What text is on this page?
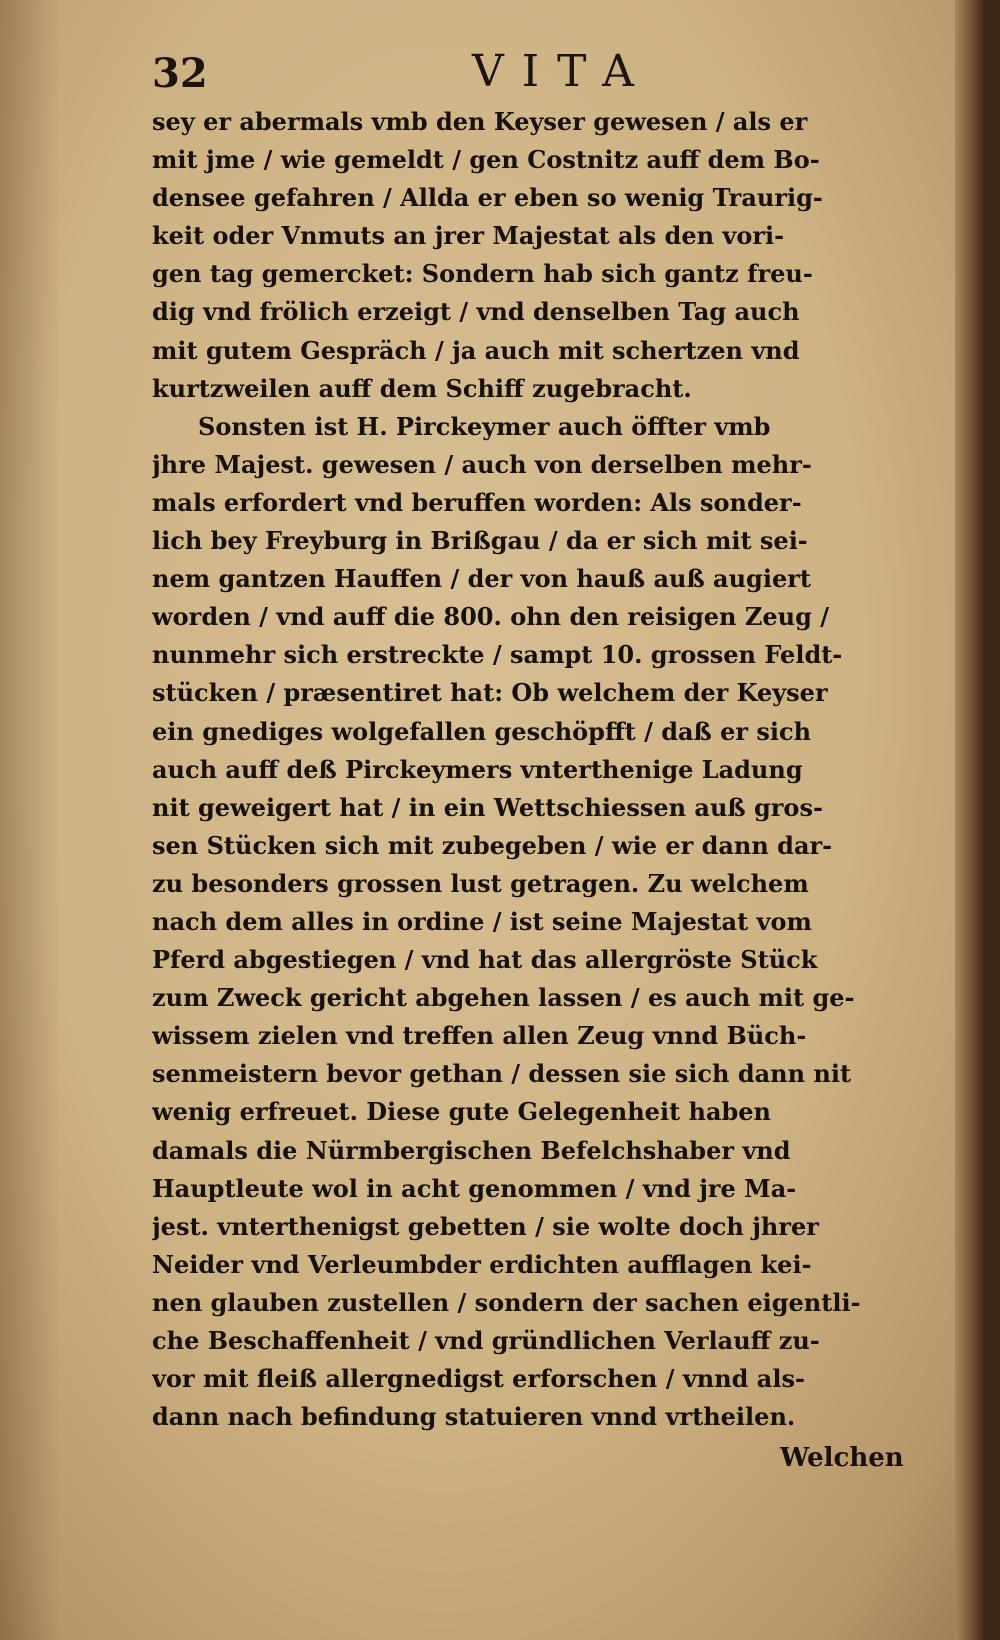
32	VITA
sey er abermals vmb den Keyser gewesen / als er
mit jme / wie gemeldt / gen Costnitz auff dem Bo-
densee gefahren / Allda er eben so wenig Traurig-
keit oder Vnmuts an jrer Majestat als den vori-
gen tag gemercket: Sondern hab sich gantz freu-
dig vnd frölich erzeigt / vnd denselben Tag auch
mit gutem Gespräch / ja auch mit schertzen vnd
kurtzweilen auff dem Schiff zugebracht.
Sonsten ist H. Pirckeymer auch öffter vmb
jhre Majest. gewesen / auch von derselben mehr-
mals erfordert vnd beruffen worden: Als sonder-
lich bey Freyburg in Brißgau / da er sich mit sei-
nem gantzen Hauffen / der von hauß auß augiert
worden / vnd auff die 800. ohn den reisigen Zeug /
nunmehr sich erstreckte / sampt 10. grossen Feldt-
stücken / præsentiret hat: Ob welchem der Keyser
ein gnediges wolgefallen geschöpfft / daß er sich
auch auff deß Pirckeymers vnterthenige Ladung
nit geweigert hat / in ein Wettschiessen auß gros-
sen Stücken sich mit zubegeben / wie er dann dar-
zu besonders grossen lust getragen. Zu welchem
nach dem alles in ordine / ist seine Majestat vom
Pferd abgestiegen / vnd hat das allergröste Stück
zum Zweck gericht abgehen lassen / es auch mit ge-
wissem zielen vnd treffen allen Zeug vnnd Büch-
senmeistern bevor gethan / dessen sie sich dann nit
wenig erfreuet. Diese gute Gelegenheit haben
damals die Nürmbergischen Befelchshaber vnd
Hauptleute wol in acht genommen / vnd jre Ma-
jest. vnterthenigst gebetten / sie wolte doch jhrer
Neider vnd Verleumbder erdichten aufflagen kei-
nen glauben zustellen / sondern der sachen eigentli-
che Beschaffenheit / vnd gründlichen Verlauff zu-
vor mit fleiß allergnedigst erforschen / vnnd als-
dann nach befindung statuieren vnnd vrtheilen.
Welchen
